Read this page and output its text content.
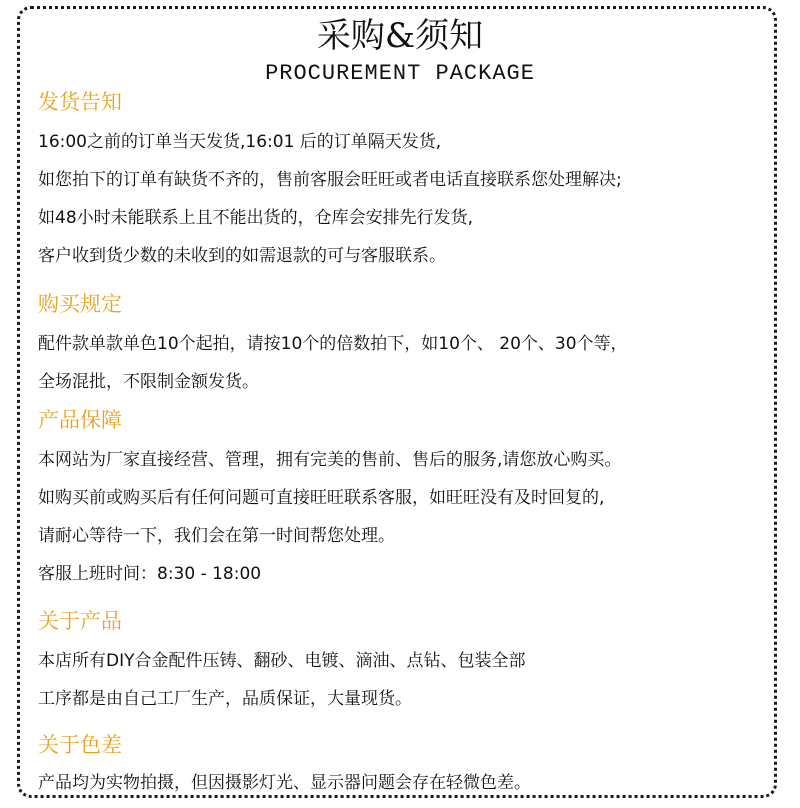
采购&须知
PROCUREMENT PACKAGE
发货告知
16:00之前的订单当天发货,16:01 后的订单隔天发货,
如您拍下的订单有缺货不齐的，售前客服会旺旺或者电话直接联系您处理解决;
如48小时未能联系上且不能出货的，仓库会安排先行发货,
客户收到货少数的未收到的如需退款的可与客服联系。
购买规定
配件款单款单色10个起拍，请按10个的倍数拍下，如10个、 20个、30个等，
全场混批，不限制金额发货。
产品保障
本网站为厂家直接经营、管理，拥有完美的售前、售后的服务,请您放心购买。
如购买前或购买后有任何问题可直接旺旺联系客服，如旺旺没有及时回复的,
请耐心等待一下，我们会在第一时间帮您处理。
客服上班时间：8:30 - 18:00
关于产品
本店所有DIY合金配件压铸、翻砂、电镀、滴油、点钻、包装全部
工序都是由自己工厂生产，品质保证，大量现货。
关于色差
产品均为实物拍摄，但因摄影灯光、显示器问题会存在轻微色差。
